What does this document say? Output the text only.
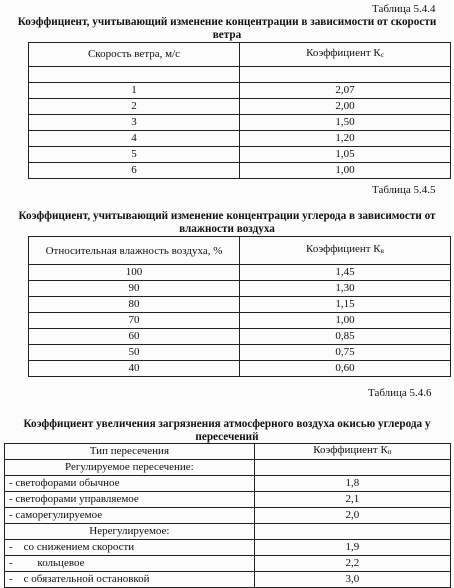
Таблица 5.4.4
Коэффициент, учитывающий изменение концентрации в зависимости от скорости ветра
Скорость ветра, м/с	Коэффициент Кс

1	2,07
2	2,00
3	1,50
4	1,20
5	1,05
6	1,00
Таблица 5.4.5
Коэффициент, учитывающий изменение концентрации углерода в зависимости от влажности воздуха
Относительная влажность воздуха, %	Коэффициент Кв
100	1,45
90	1,30
80	1,15
70	1,00
60	0,85
50	0,75
40	0,60
Таблица 5.4.6
Коэффициент увеличения загрязнения атмосферного воздуха окисью углерода у пересечений
Тип пересечения	Коэффициент Кп
Регулируемое пересечение:	
- светофорами обычное	1,8
- светофорами управляемое	2,1
- саморегулируемое	2,0
Нерегулируемое:	
-    со снижением скорости	1,9
-         кольцевое	2,2
-    с обязательной остановкой	3,0
